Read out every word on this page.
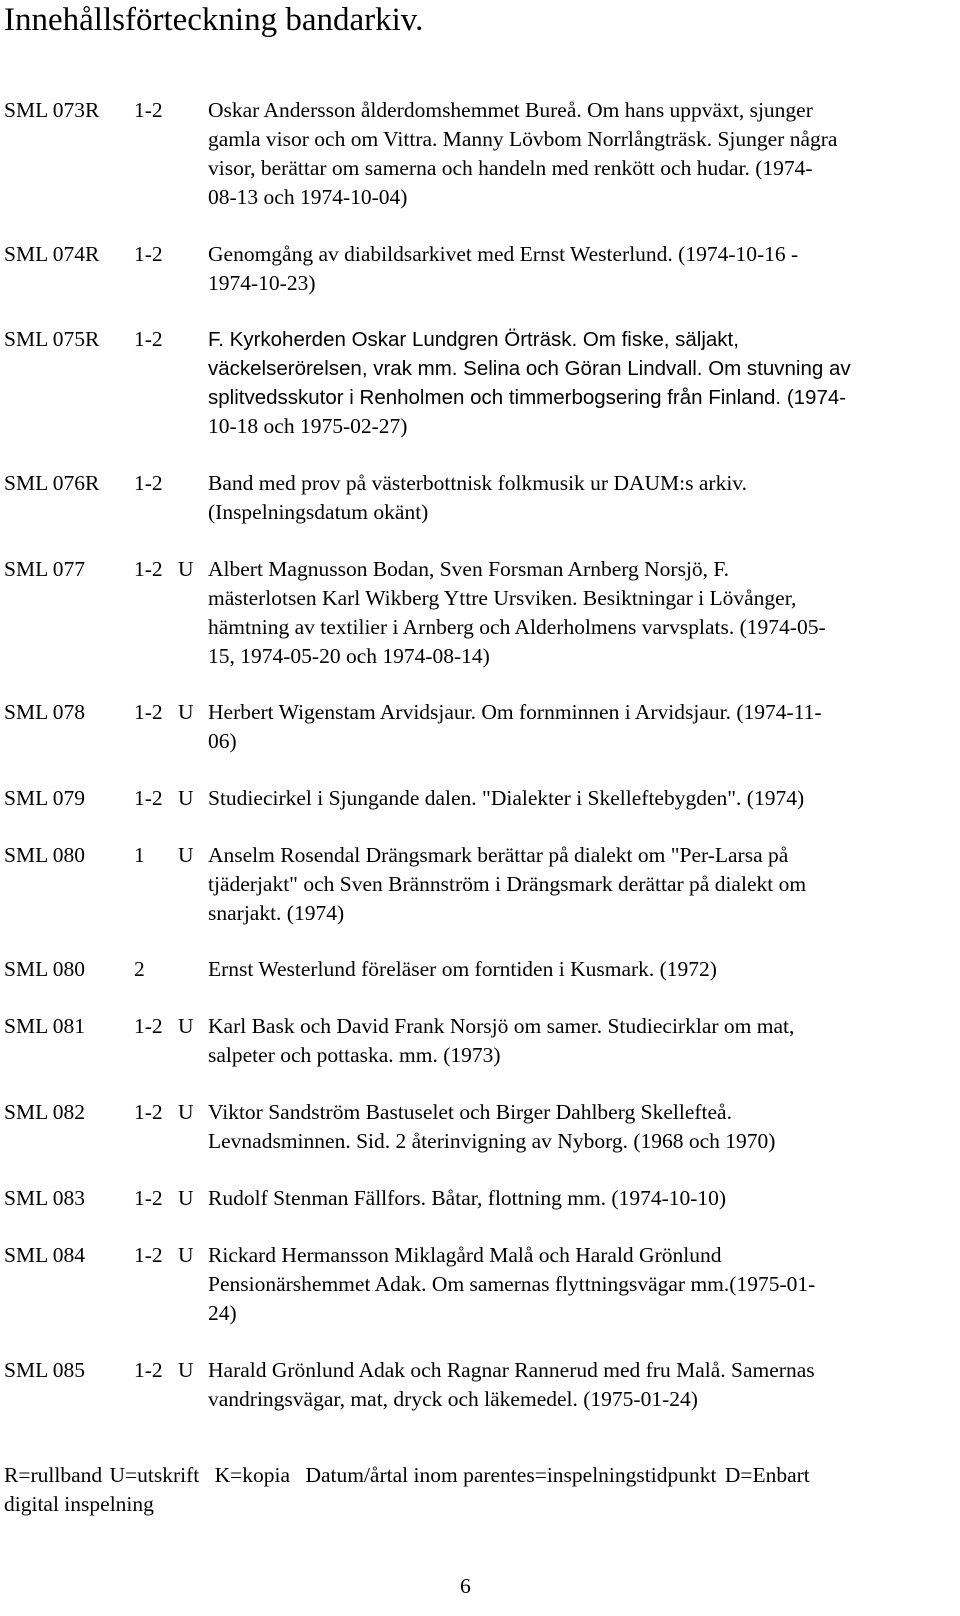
Innehållsförteckning bandarkiv.
SML 073R 1-2 Oskar Andersson ålderdomshemmet Bureå. Om hans uppväxt, sjunger
gamla visor och om Vittra. Manny Lövbom Norrlångträsk. Sjunger några
visor, berättar om samerna och handeln med renkött och hudar. (1974-
08-13 och 1974-10-04)
SML 074R 1-2 Genomgång av diabildsarkivet med Ernst Westerlund. (1974-10-16 -
1974-10-23)
SML 075R 1-2 F. Kyrkoherden Oskar Lundgren Örträsk. Om fiske, säljakt,
väckelserörelsen, vrak mm. Selina och Göran Lindvall. Om stuvning av
splitvedsskutor i Renholmen och timmerbogsering från Finland. (1974-
10-18 och 1975-02-27)
SML 076R 1-2 Band med prov på västerbottnisk folkmusik ur DAUM:s arkiv.
(Inspelningsdatum okänt)
SML 077 1-2 U Albert Magnusson Bodan, Sven Forsman Arnberg Norsjö, F.
mästerlotsen Karl Wikberg Yttre Ursviken. Besiktningar i Lövånger,
hämtning av textilier i Arnberg och Alderholmens varvsplats. (1974-05-
15, 1974-05-20 och 1974-08-14)
SML 078 1-2 U Herbert Wigenstam Arvidsjaur. Om fornminnen i Arvidsjaur. (1974-11-
06)
SML 079 1-2 U Studiecirkel i Sjungande dalen. "Dialekter i Skelleftebygden". (1974)
SML 080 1 U Anselm Rosendal Drängsmark berättar på dialekt om "Per-Larsa på
tjäderjakt" och Sven Brännström i Drängsmark derättar på dialekt om
snarjakt. (1974)
SML 080 2	Ernst Westerlund föreläser om forntiden i Kusmark. (1972)
SML 081 1-2 U Karl Bask och David Frank Norsjö om samer. Studiecirklar om mat,
salpeter och pottaska. mm. (1973)
SML 082 1-2 U Viktor Sandström Bastuselet och Birger Dahlberg Skellefteå.
Levnadsminnen. Sid. 2 återinvigning av Nyborg. (1968 och 1970)
SML 083 1-2 U Rudolf Stenman Fällfors. Båtar, flottning mm. (1974-10-10)
SML 084 1-2 U Rickard Hermansson Miklagård Malå och Harald Grönlund
Pensionärshemmet Adak. Om samernas flyttningsvägar mm.(1975-01-
24)
SML 085 1-2 U Harald Grönlund Adak och Ragnar Rannerud med fru Malå. Samernas
vandringsvägar, mat, dryck och läkemedel. (1975-01-24)
R=rullband U=utskrift K=kopia Datum/årtal inom parentes=inspelningstidpunkt D=Enbart
digital inspelning
6
